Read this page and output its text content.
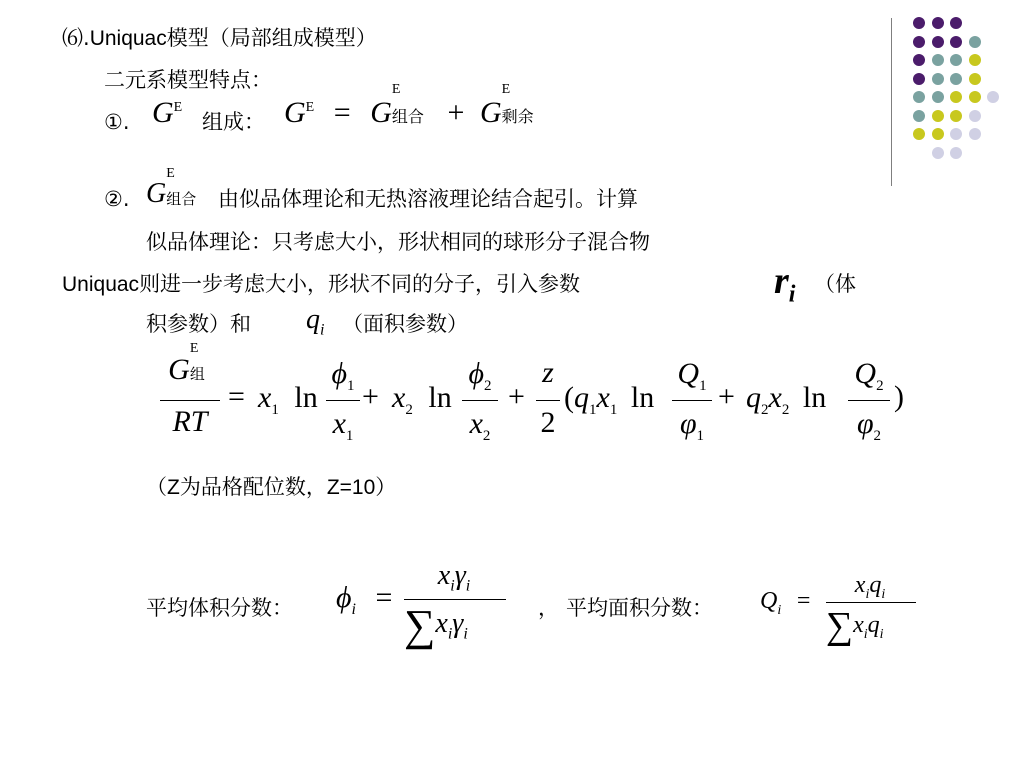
⑹.Uniquac模型（局部组成模型）
二元系模型特点：
①. $G^E$
组成： $G^E = G$
E
组合 + G
E
剩余
②. G
E
组合 由似品体理论和无热溶液理论结合起引。计算
似品体理论：只考虑大小，形状相同的球形分子混合物
Uniquac则进一步考虑大小，形状不同的分子，引入参数	$r_i$ （体
积参数）和 $q_i$ （面积参数）
G
E
组
RT
= $x_1$ ln
$\phi_1$
$x_1$
+ $x_2$ ln
$\phi_2$
$x_2$
+
z
2
($q_1x_1$ ln
$Q_1$
$\varphi_1$
+ $q_2x_2$ ln
$Q_2$
$\varphi_2$
)
（Z为品格配位数，Z=10）
平均体积分数： $\phi_i$ =
$x_i\gamma_i$
$\sum x_i\gamma_i$
， 平均面积分数： $Q_i$ =
$x_iq_i$
$\sum x_iq_i$
